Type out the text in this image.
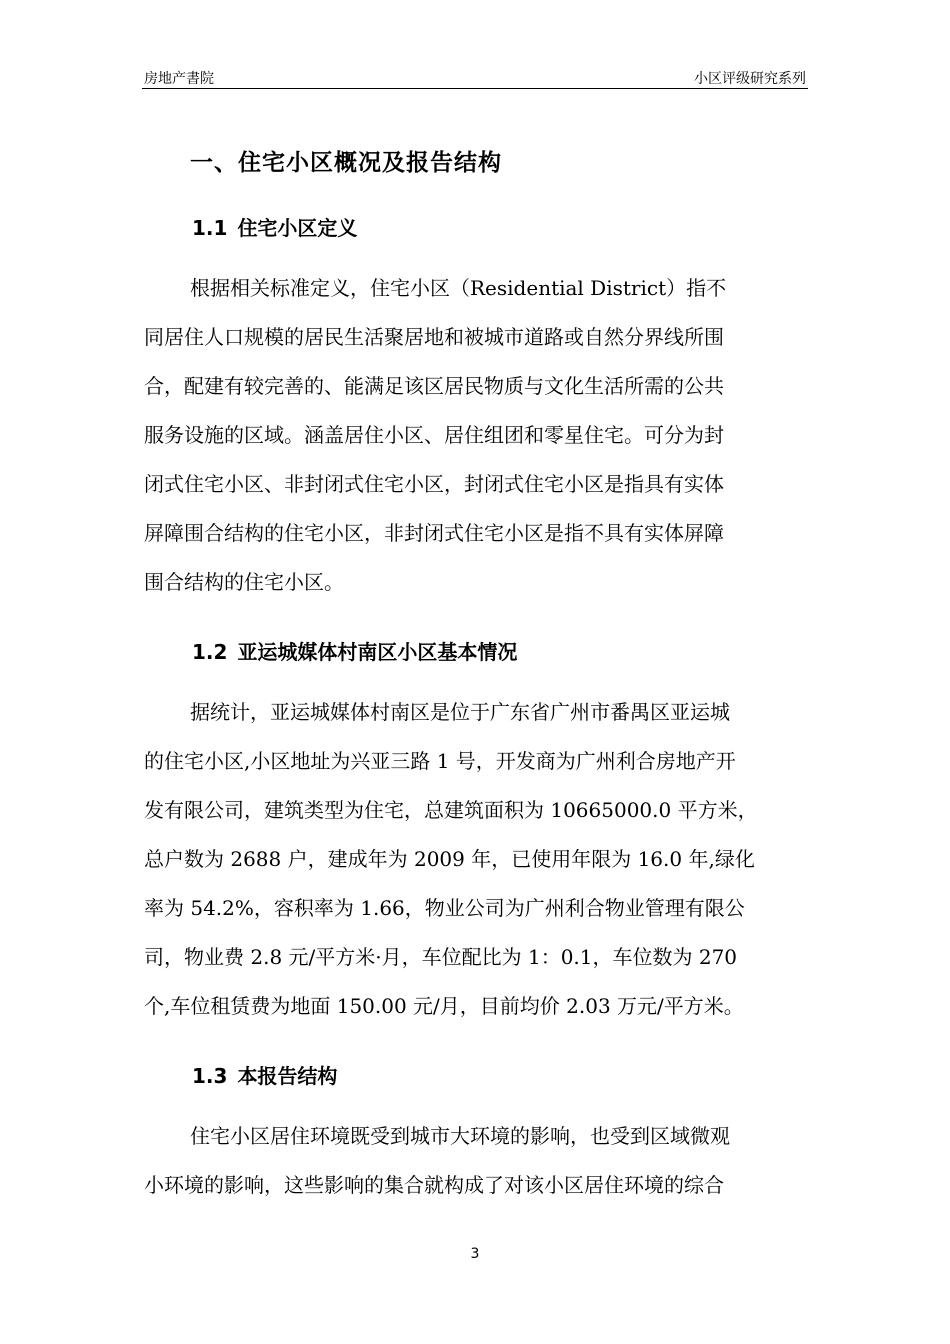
房地产書院	小区评级研究系列
一、住宅小区概况及报告结构
1.1 住宅小区定义
根据相关标准定义，住宅小区（Residential District）指不
同居住人口规模的居民生活聚居地和被城市道路或自然分界线所围
合，配建有较完善的、能满足该区居民物质与文化生活所需的公共
服务设施的区域。涵盖居住小区、居住组团和零星住宅。可分为封
闭式住宅小区、非封闭式住宅小区，封闭式住宅小区是指具有实体
屏障围合结构的住宅小区，非封闭式住宅小区是指不具有实体屏障
围合结构的住宅小区。
1.2 亚运城媒体村南区小区基本情况
据统计，亚运城媒体村南区是位于广东省广州市番禺区亚运城
的住宅小区,小区地址为兴亚三路 1 号，开发商为广州利合房地产开
发有限公司，建筑类型为住宅，总建筑面积为 10665000.0 平方米，
总户数为 2688 户，建成年为 2009 年，已使用年限为 16.0 年,绿化
率为 54.2%，容积率为 1.66，物业公司为广州利合物业管理有限公
司，物业费 2.8 元/平方米·月，车位配比为 1：0.1，车位数为 270
个,车位租赁费为地面 150.00 元/月，目前均价 2.03 万元/平方米。
1.3 本报告结构
住宅小区居住环境既受到城市大环境的影响，也受到区域微观
小环境的影响，这些影响的集合就构成了对该小区居住环境的综合
3
